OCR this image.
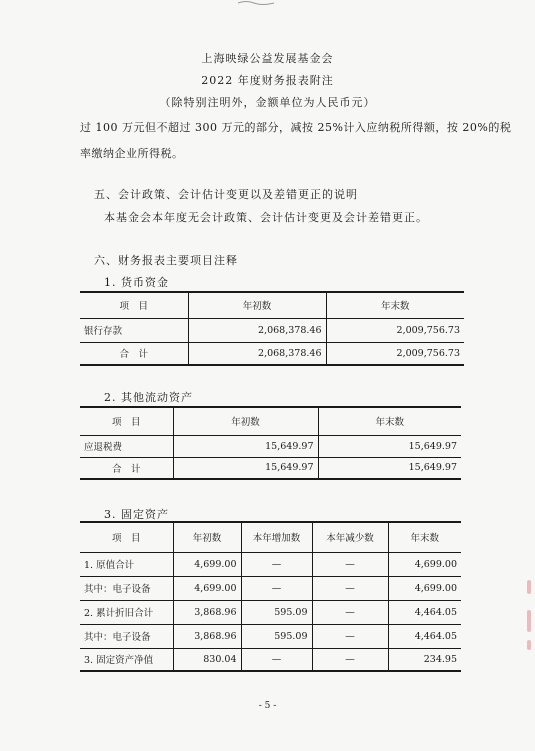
上海映绿公益发展基金会
2022 年度财务报表附注
（除特别注明外，金额单位为人民币元）
过 100 万元但不超过 300 万元的部分，减按 25%计入应纳税所得额，按 20%的税
率缴纳企业所得税。
五、会计政策、会计估计变更以及差错更正的说明
本基金会本年度无会计政策、会计估计变更及会计差错更正。
六、财务报表主要项目注释
1. 货币资金
项　目	年初数	年末数
银行存款	2,068,378.46	2,009,756.73
合　计	2,068,378.46	2,009,756.73
2. 其他流动资产
项　目	年初数	年末数
应退税费	15,649.97	15,649.97
合　计	15,649.97	15,649.97
3. 固定资产
项　目	年初数	本年增加数	本年减少数	年末数
1. 原值合计	4,699.00	—	—	4,699.00
其中：电子设备	4,699.00	—	—	4,699.00
2. 累计折旧合计	3,868.96	595.09	—	4,464.05
其中：电子设备	3,868.96	595.09	—	4,464.05
3. 固定资产净值	830.04	—	—	234.95
- 5 -
